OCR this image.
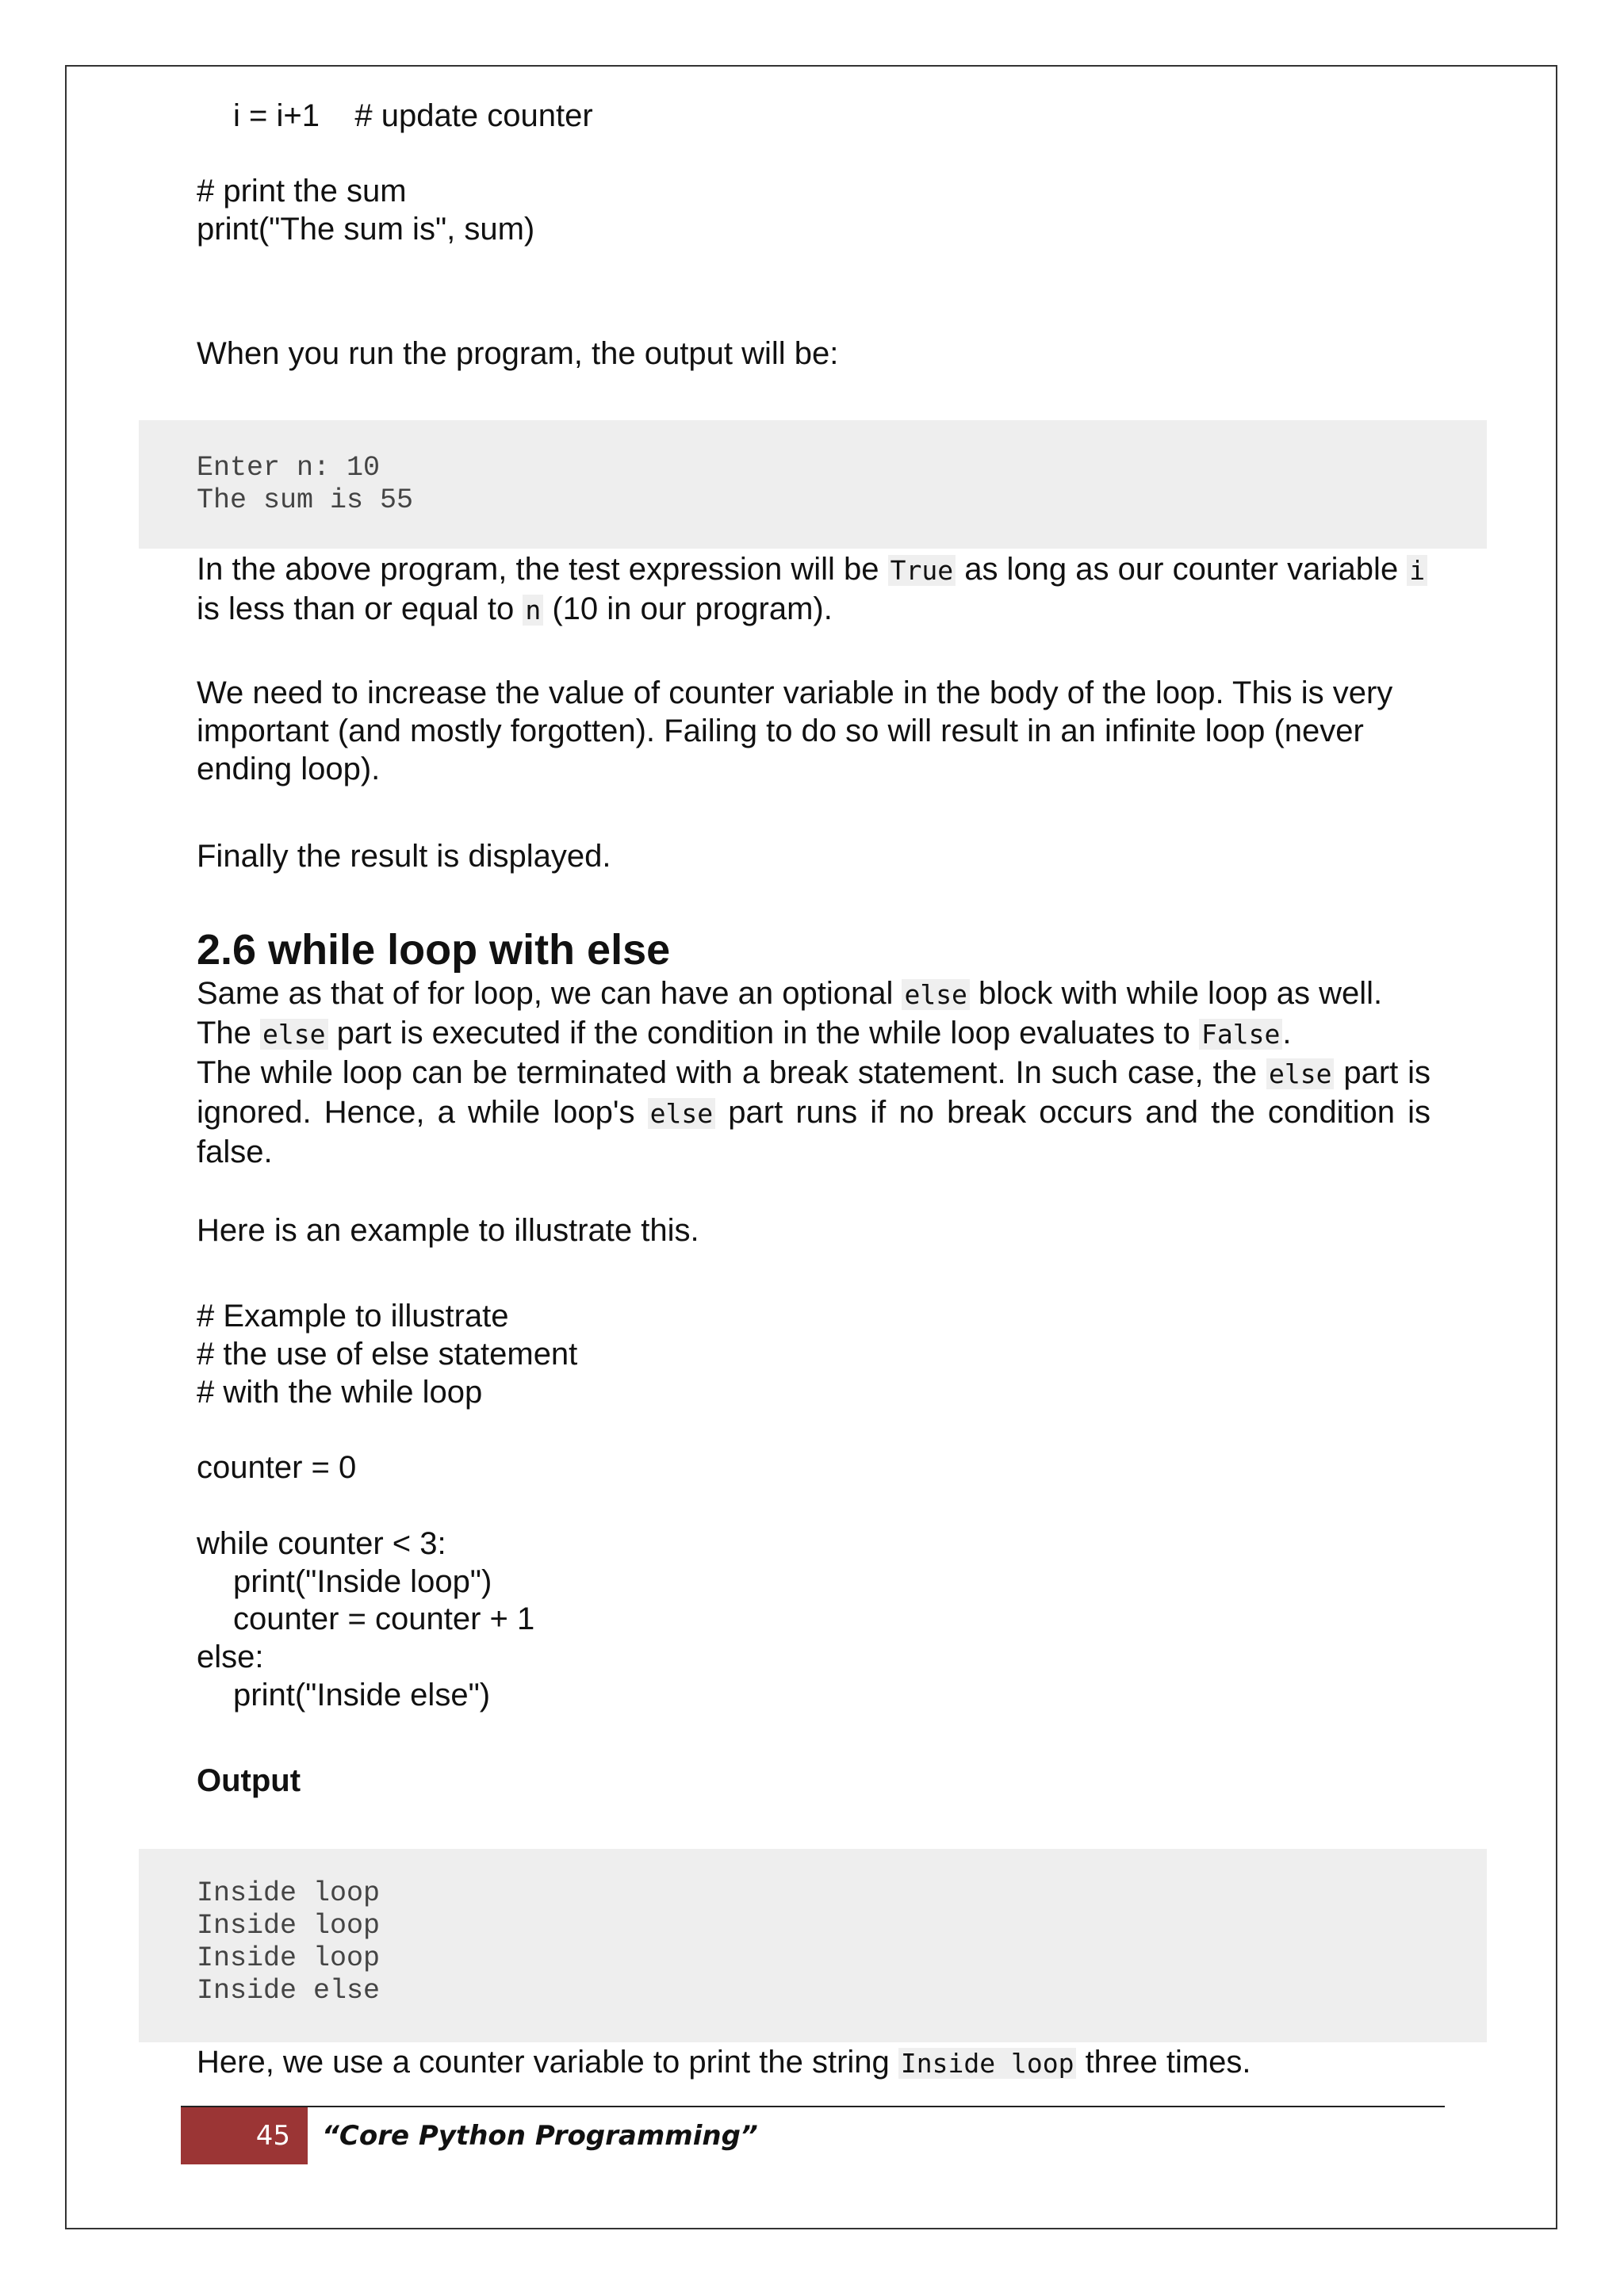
i = i+1    # update counter

# print the sum

print("The sum is", sum)

When you run the program, the output will be:

Enter n: 10
The sum is 55

In the above program, the test expression will be True as long as our counter variable i is less than or equal to n (10 in our program).

We need to increase the value of counter variable in the body of the loop. This is very important (and mostly forgotten). Failing to do so will result in an infinite loop (never ending loop).

Finally the result is displayed.

2.6 while loop with else

Same as that of for loop, we can have an optional else block with while loop as well.
The else part is executed if the condition in the while loop evaluates to False.
The while loop can be terminated with a break statement. In such case, the else part is ignored. Hence, a while loop's else part runs if no break occurs and the condition is false.

Here is an example to illustrate this.

# Example to illustrate

# the use of else statement

# with the while loop

counter = 0

while counter < 3:

print("Inside loop")

counter = counter + 1

else:

print("Inside else")

Output

Inside loop
Inside loop
Inside loop
Inside else

Here, we use a counter variable to print the string Inside loop three times.

45	“Core Python Programming”
